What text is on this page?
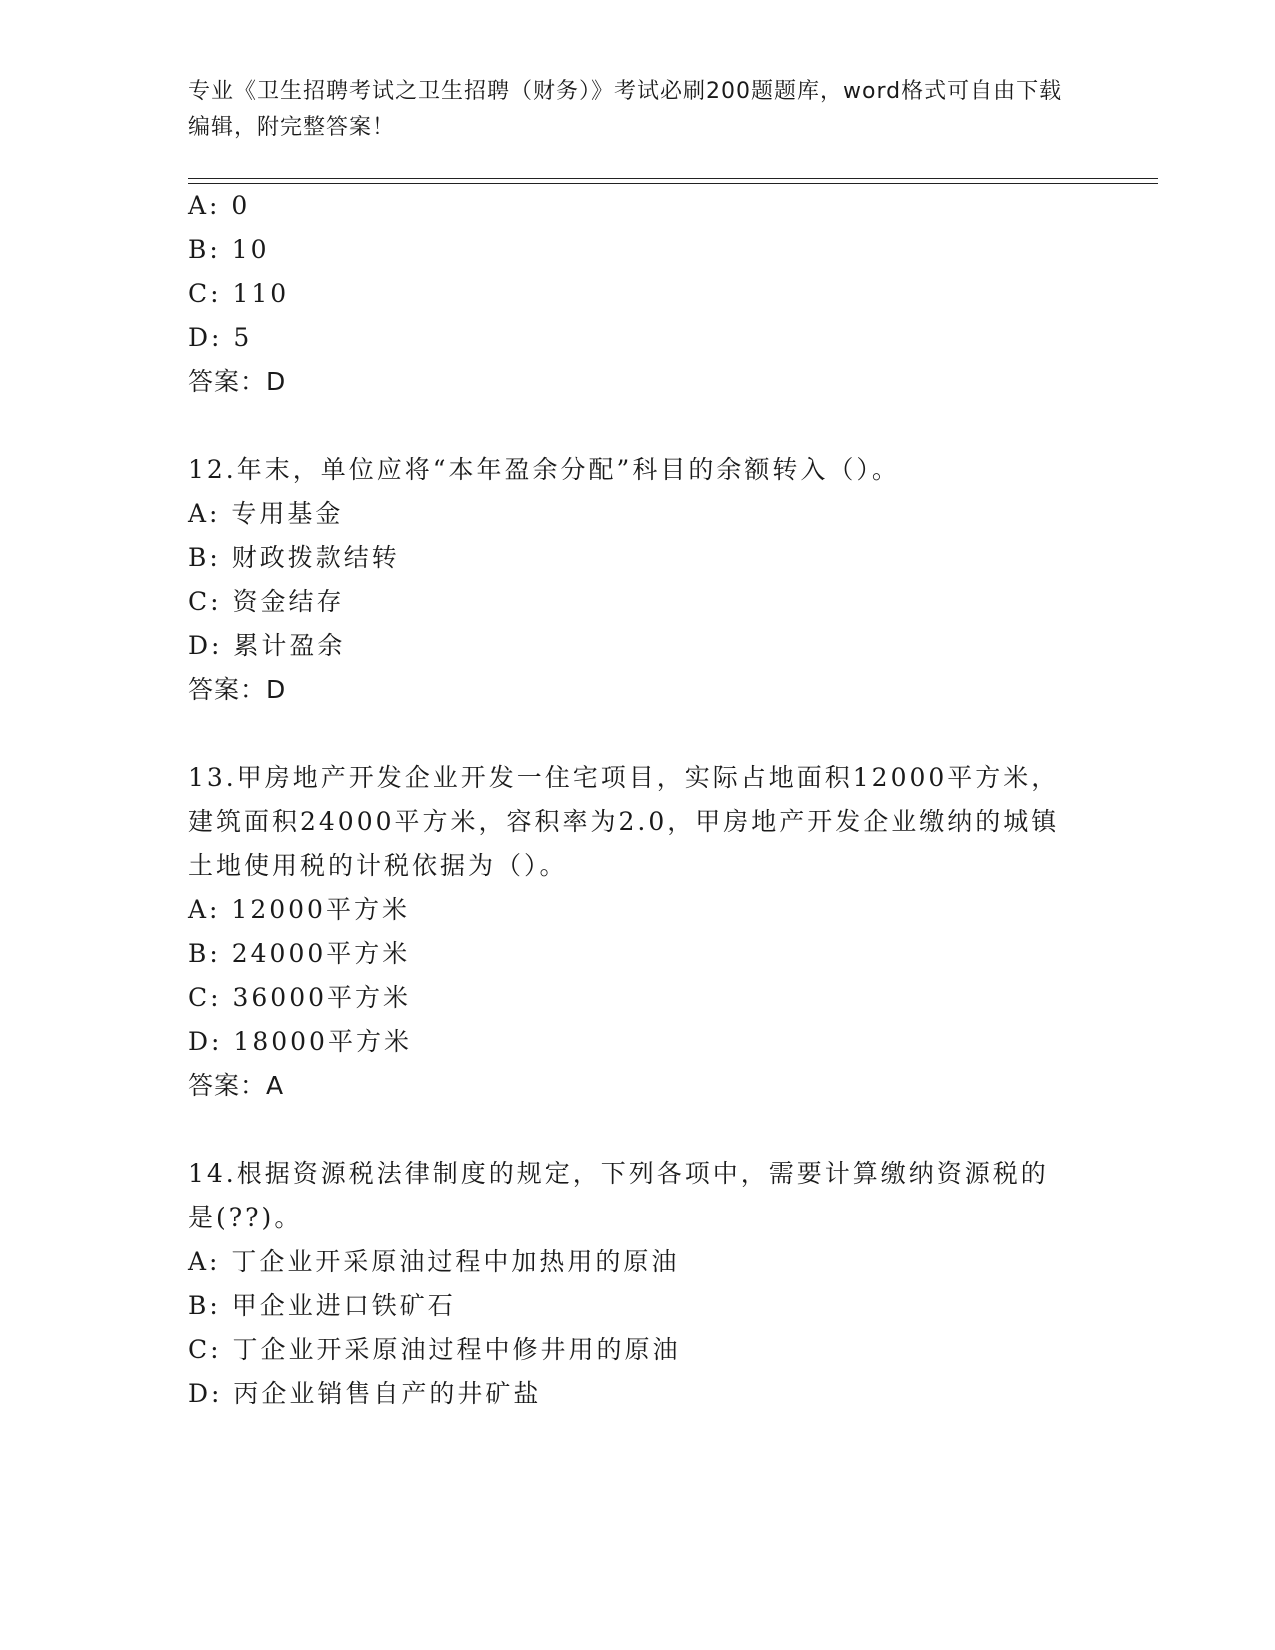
专业《卫生招聘考试之卫生招聘（财务）》考试必刷200题题库，word格式可自由下载编辑，附完整答案！
A: 0
B: 10
C: 110
D: 5
答案：D
12.年末，单位应将“本年盈余分配”科目的余额转入（）。
A: 专用基金
B: 财政拨款结转
C: 资金结存
D: 累计盈余
答案：D
13.甲房地产开发企业开发一住宅项目，实际占地面积12000平方米，
建筑面积24000平方米，容积率为2.0，甲房地产开发企业缴纳的城镇
土地使用税的计税依据为（）。
A: 12000平方米
B: 24000平方米
C: 36000平方米
D: 18000平方米
答案：A
14.根据资源税法律制度的规定，下列各项中，需要计算缴纳资源税的
是(??)。
A: 丁企业开采原油过程中加热用的原油
B: 甲企业进口铁矿石
C: 丁企业开采原油过程中修井用的原油
D: 丙企业销售自产的井矿盐
